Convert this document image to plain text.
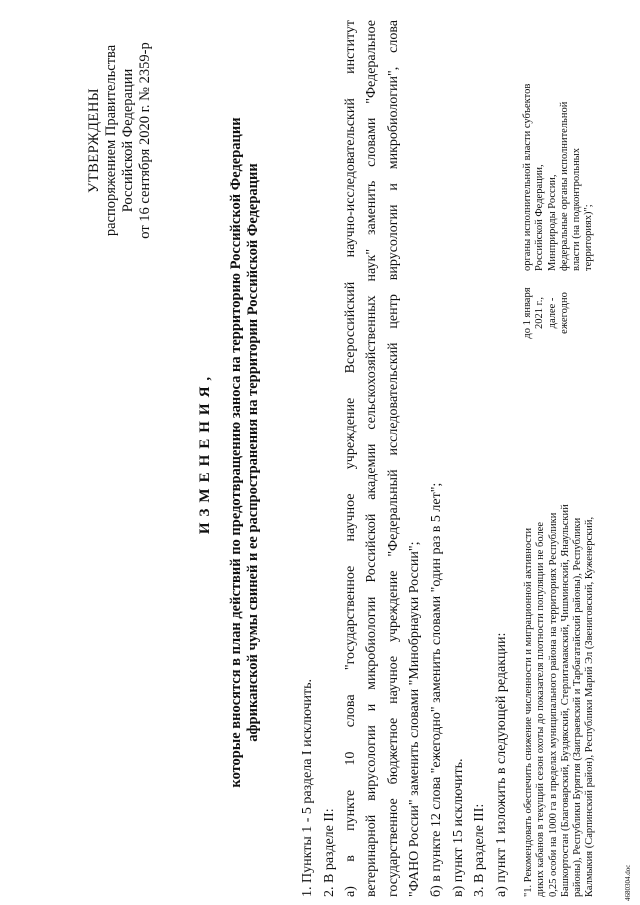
УТВЕРЖДЕНЫ распоряжением Правительства Российской Федерации от 16 сентября 2020 г. № 2359-р
ИЗМЕНЕНИЯ, которые вносятся в план действий по предотвращению заноса на территорию Российской Федерации африканской чумы свиней и ее распространения на территории Российской Федерации
1. Пункты 1 - 5 раздела I исключить. 2. В разделе II: а) в пункте 10 слова "государственное научное учреждение Всероссийский научно-исследовательский институт ветеринарной вирусологии и микробиологии Российской академии сельскохозяйственных наук" заменить словами "Федеральное государственное бюджетное научное учреждение "Федеральный исследовательский центр вирусологии и микробиологии", слова "ФАНО России" заменить словами "Минобрнауки России"; б) в пункте 12 слова "ежегодно" заменить словами "один раз в 5 лет"; в) пункт 15 исключить. 3. В разделе III: а) пункт 1 изложить в следующей редакции: "1. Рекомендовать обеспечить снижение численности и миграционной активности диких кабанов в текущий сезон охоты до показателя плотности популяции не более 0,25 особи на 1000 га в пределах муниципального района на территориях Республики Башкортостан (Благоварский, Буздякский, Стерлитамакский, Чишминский, Янаульский районы), Республики Бурятия (Заиграевский и Тарбагатайский районы), Республики Калмыкия (Сарпинский район), Республики Марий Эл (Звениговский, Куженерский,
до 1 января 2021 г., далее - ежегодно
органы исполнительной власти субъектов Российской Федерации, Минприроды России, федеральные органы исполнительной власти (на подконтрольных территориях)";
4680304.doc
